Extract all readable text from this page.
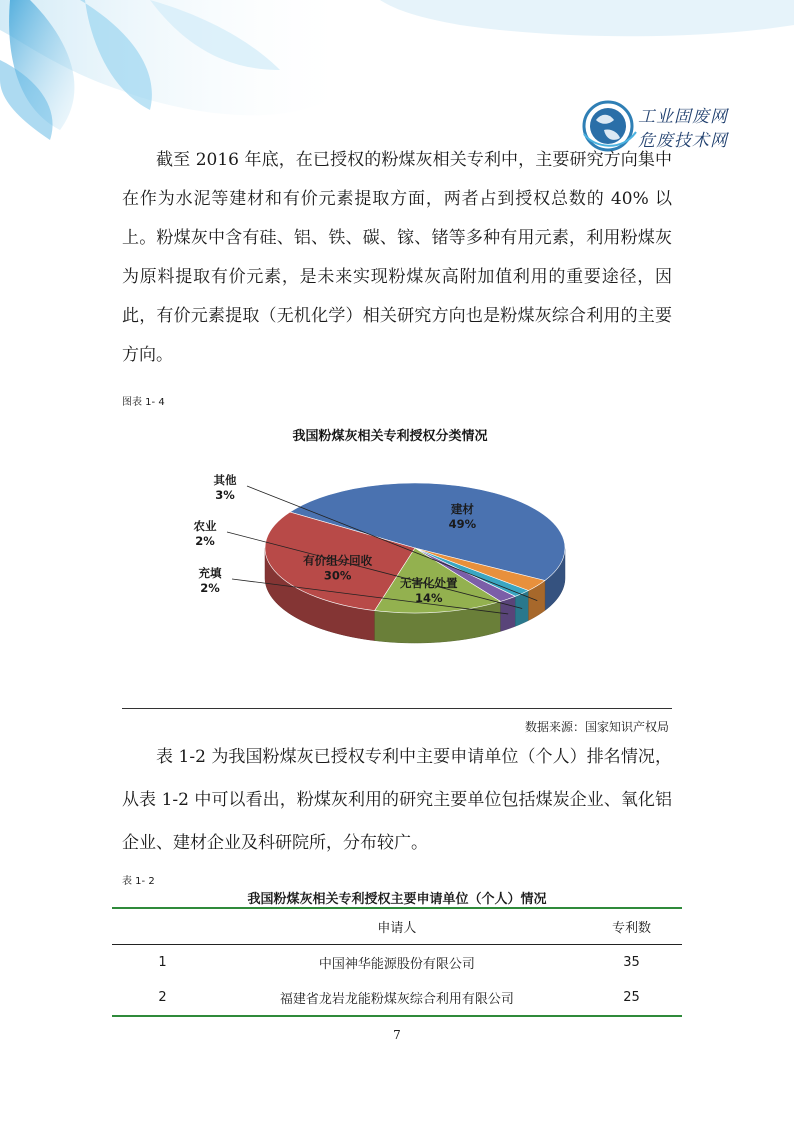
工业固废网
危废技术网

截至 2016 年底，在已授权的粉煤灰相关专利中，主要研究方向集中在作为水泥等建材和有价元素提取方面，两者占到授权总数的 40% 以上。粉煤灰中含有硅、铝、铁、碳、镓、锗等多种有用元素，利用粉煤灰为原料提取有价元素，是未来实现粉煤灰高附加值利用的重要途径，因此，有价元素提取（无机化学）相关研究方向也是粉煤灰综合利用的主要方向。

图表 1- 4
我国粉煤灰相关专利授权分类情况
建材
49%
有价组分回收
30%
无害化处置
14%
充填
2%
农业
2%
其他
3%
数据来源：国家知识产权局

表 1-2 为我国粉煤灰已授权专利中主要申请单位（个人）排名情况，从表 1-2 中可以看出，粉煤灰利用的研究主要单位包括煤炭企业、氧化铝企业、建材企业及科研院所，分布较广。

表 1- 2
我国粉煤灰相关专利授权主要申请单位（个人）情况
	申请人	专利数
1	中国神华能源股份有限公司	35
2	福建省龙岩龙能粉煤灰综合利用有限公司	25
7
